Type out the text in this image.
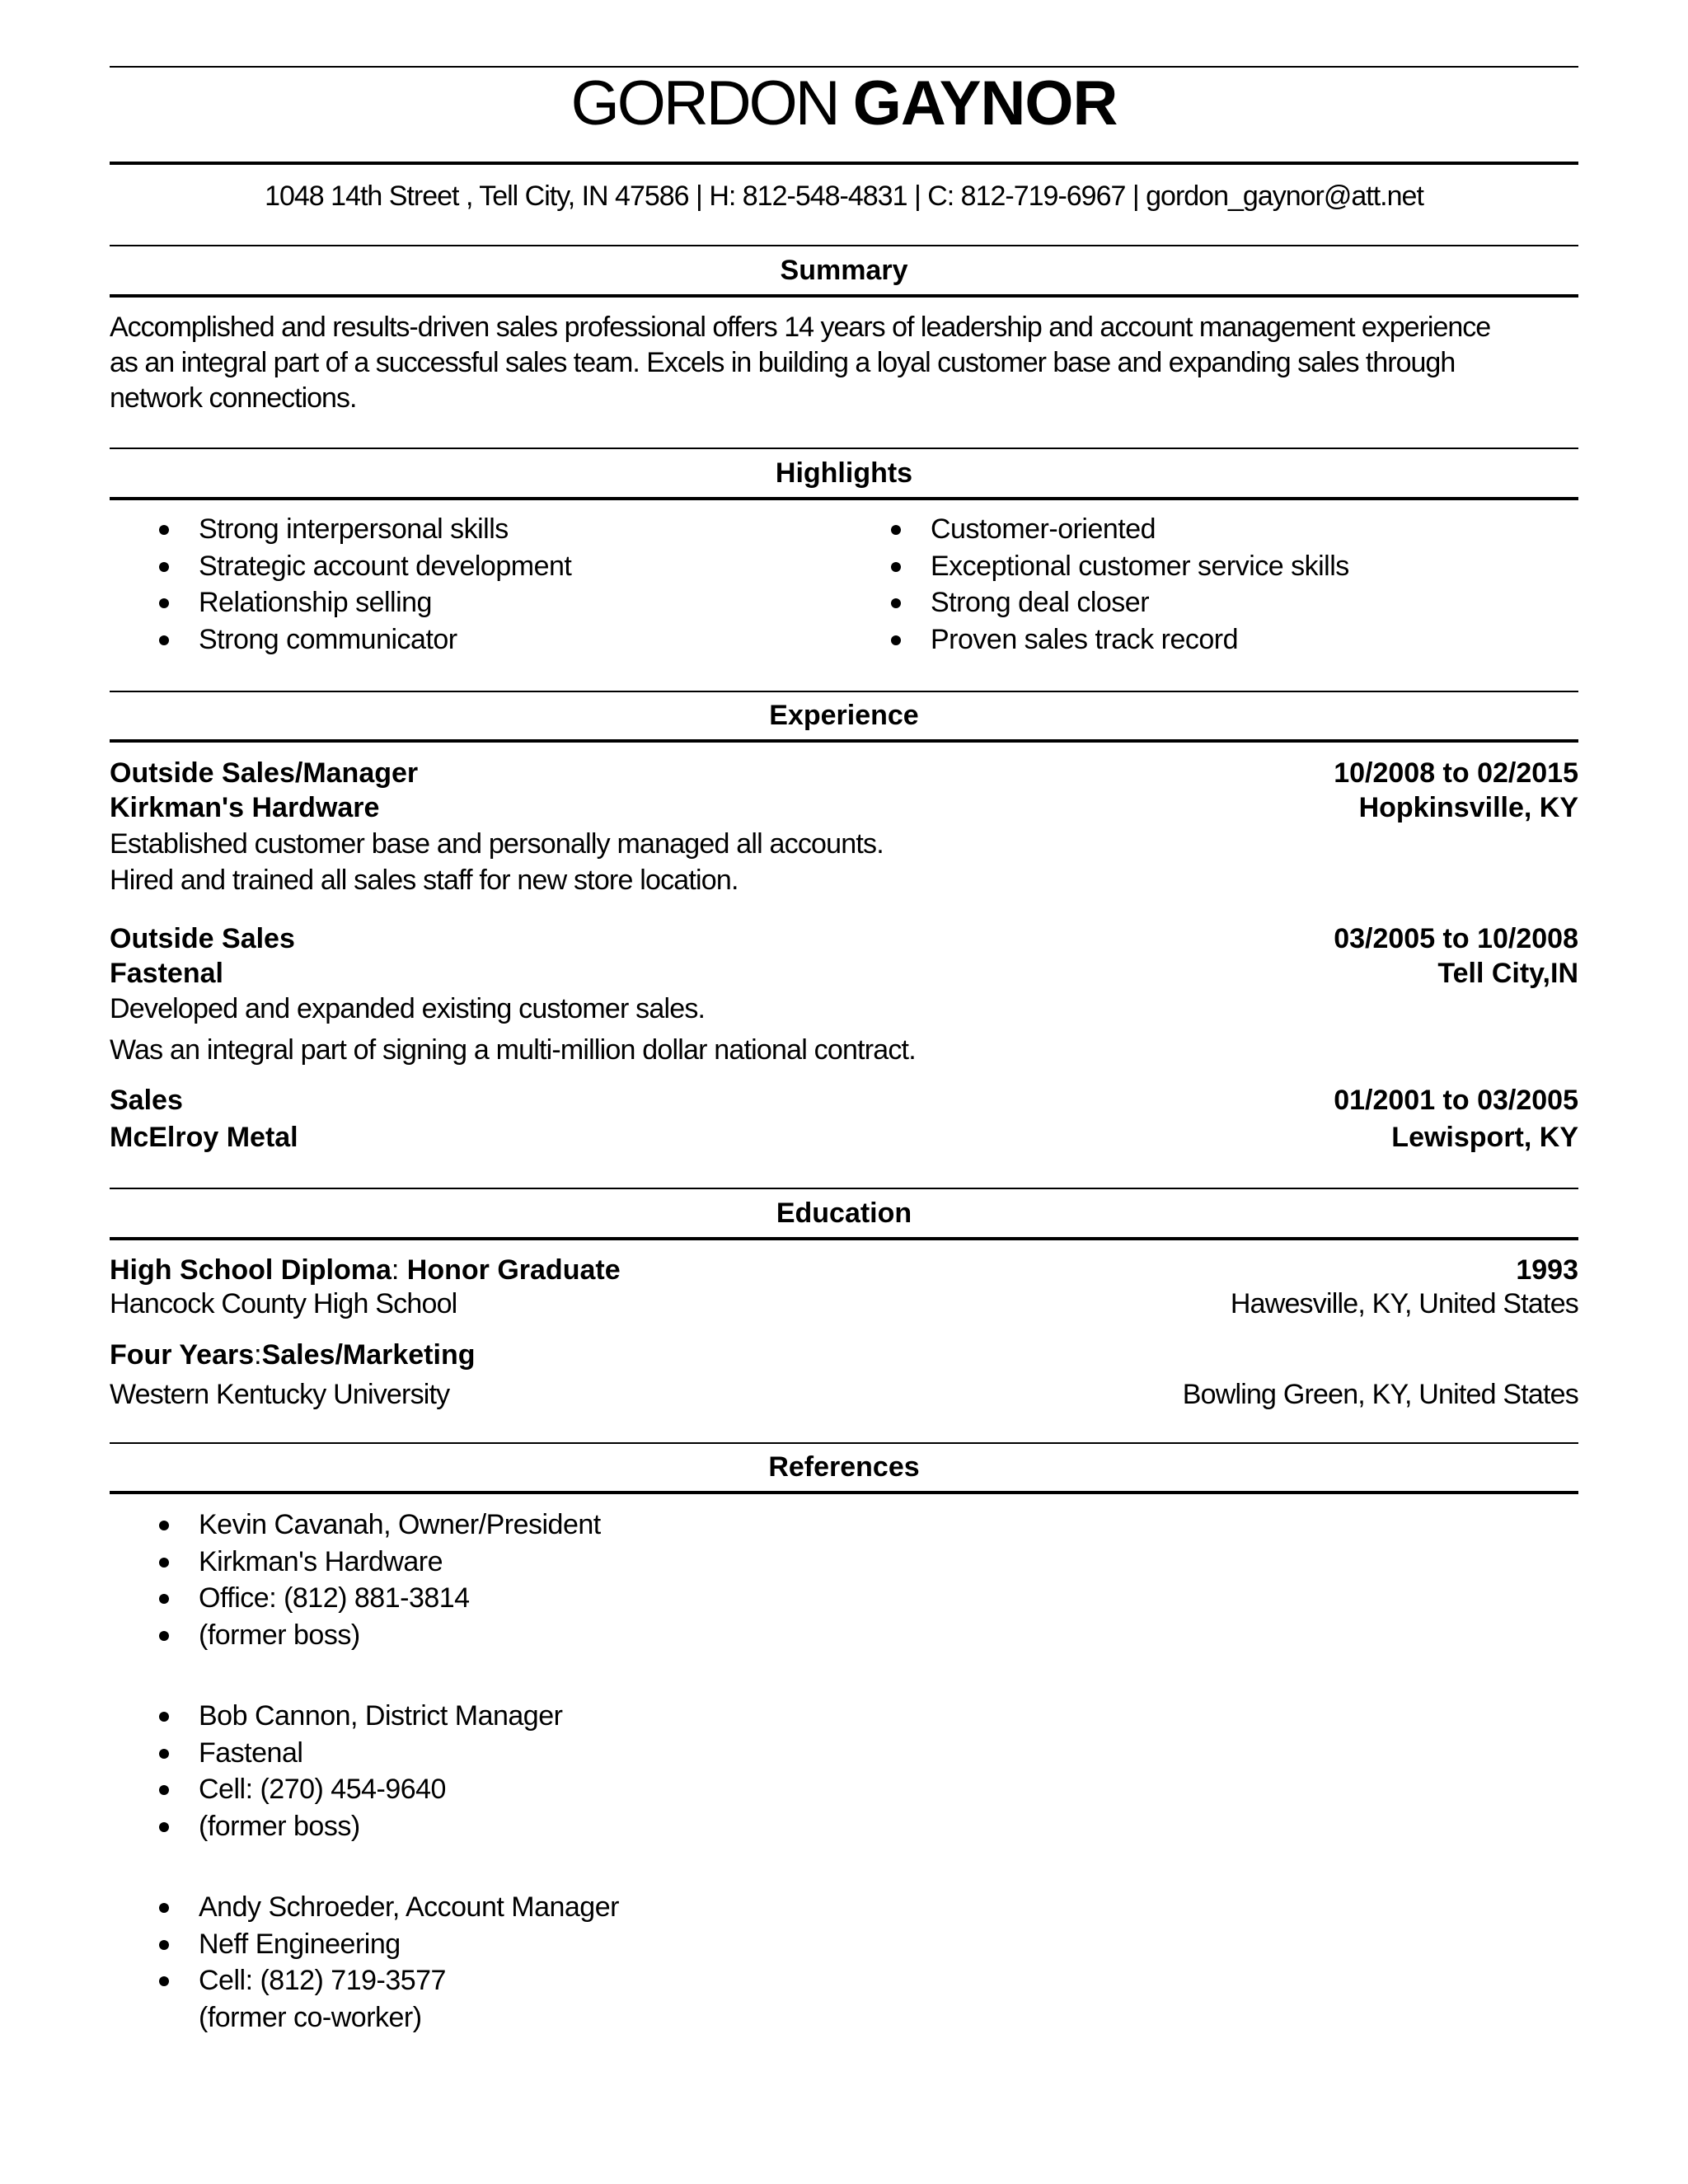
GORDON GAYNOR
1048 14th Street , Tell City, IN 47586 | H: 812-548-4831 | C: 812-719-6967 | gordon_gaynor@att.net
Summary
Accomplished and results-driven sales professional offers 14 years of leadership and account management experience
as an integral part of a successful sales team. Excels in building a loyal customer base and expanding sales through
network connections.
Highlights
Strong interpersonal skills
Strategic account development
Relationship selling
Strong communicator
Customer-oriented
Exceptional customer service skills
Strong deal closer
Proven sales track record
Experience
Outside Sales/Manager	10/2008 to 02/2015
Kirkman's Hardware	Hopkinsville, KY
Established customer base and personally managed all accounts.
Hired and trained all sales staff for new store location.
Outside Sales	03/2005 to 10/2008
Fastenal	Tell City,IN
Developed and expanded existing customer sales.
Was an integral part of signing a multi-million dollar national contract.
Sales	01/2001 to 03/2005
McElroy Metal	Lewisport, KY
Education
High School Diploma: Honor Graduate	1993
Hancock County High School	Hawesville, KY, United States
Four Years:Sales/Marketing
Western Kentucky University	Bowling Green, KY, United States
References
Kevin Cavanah, Owner/President
Kirkman's Hardware
Office: (812) 881-3814
(former boss)
Bob Cannon, District Manager
Fastenal
Cell: (270) 454-9640
(former boss)
Andy Schroeder, Account Manager
Neff Engineering
Cell: (812) 719-3577
(former co-worker)
